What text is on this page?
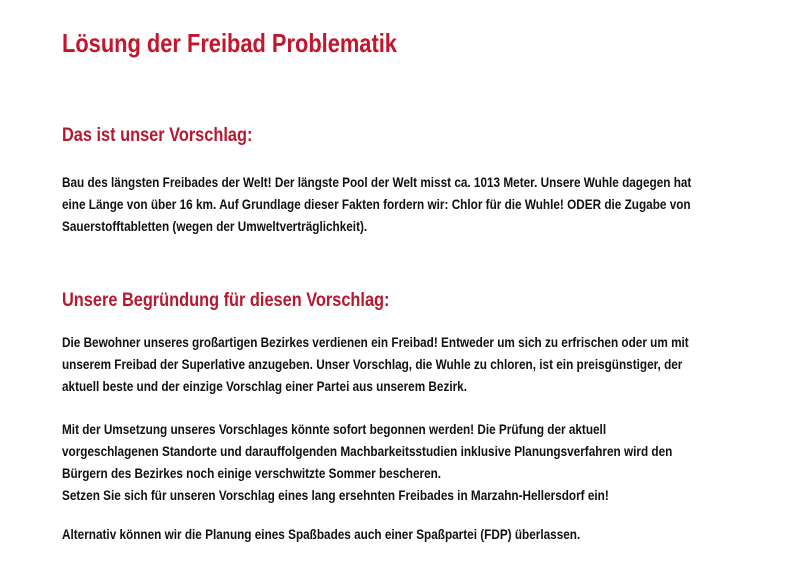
Lösung der Freibad Problematik
Das ist unser Vorschlag:

Bau des längsten Freibades der Welt! Der längste Pool der Welt misst ca. 1013 Meter. Unsere Wuhle dagegen hat
eine Länge von über 16 km. Auf Grundlage dieser Fakten fordern wir: Chlor für die Wuhle! ODER die Zugabe von
Sauerstofftabletten (wegen der Umweltverträglichkeit).

Unsere Begründung für diesen Vorschlag:

Die Bewohner unseres großartigen Bezirkes verdienen ein Freibad! Entweder um sich zu erfrischen oder um mit
unserem Freibad der Superlative anzugeben. Unser Vorschlag, die Wuhle zu chloren, ist ein preisgünstiger, der
aktuell beste und der einzige Vorschlag einer Partei aus unserem Bezirk.

Mit der Umsetzung unseres Vorschlages könnte sofort begonnen werden! Die Prüfung der aktuell
vorgeschlagenen Standorte und darauffolgenden Machbarkeitsstudien inklusive Planungsverfahren wird den
Bürgern des Bezirkes noch einige verschwitzte Sommer bescheren.
Setzen Sie sich für unseren Vorschlag eines lang ersehnten Freibades in Marzahn-Hellersdorf ein!

Alternativ können wir die Planung eines Spaßbades auch einer Spaßpartei (FDP) überlassen.
